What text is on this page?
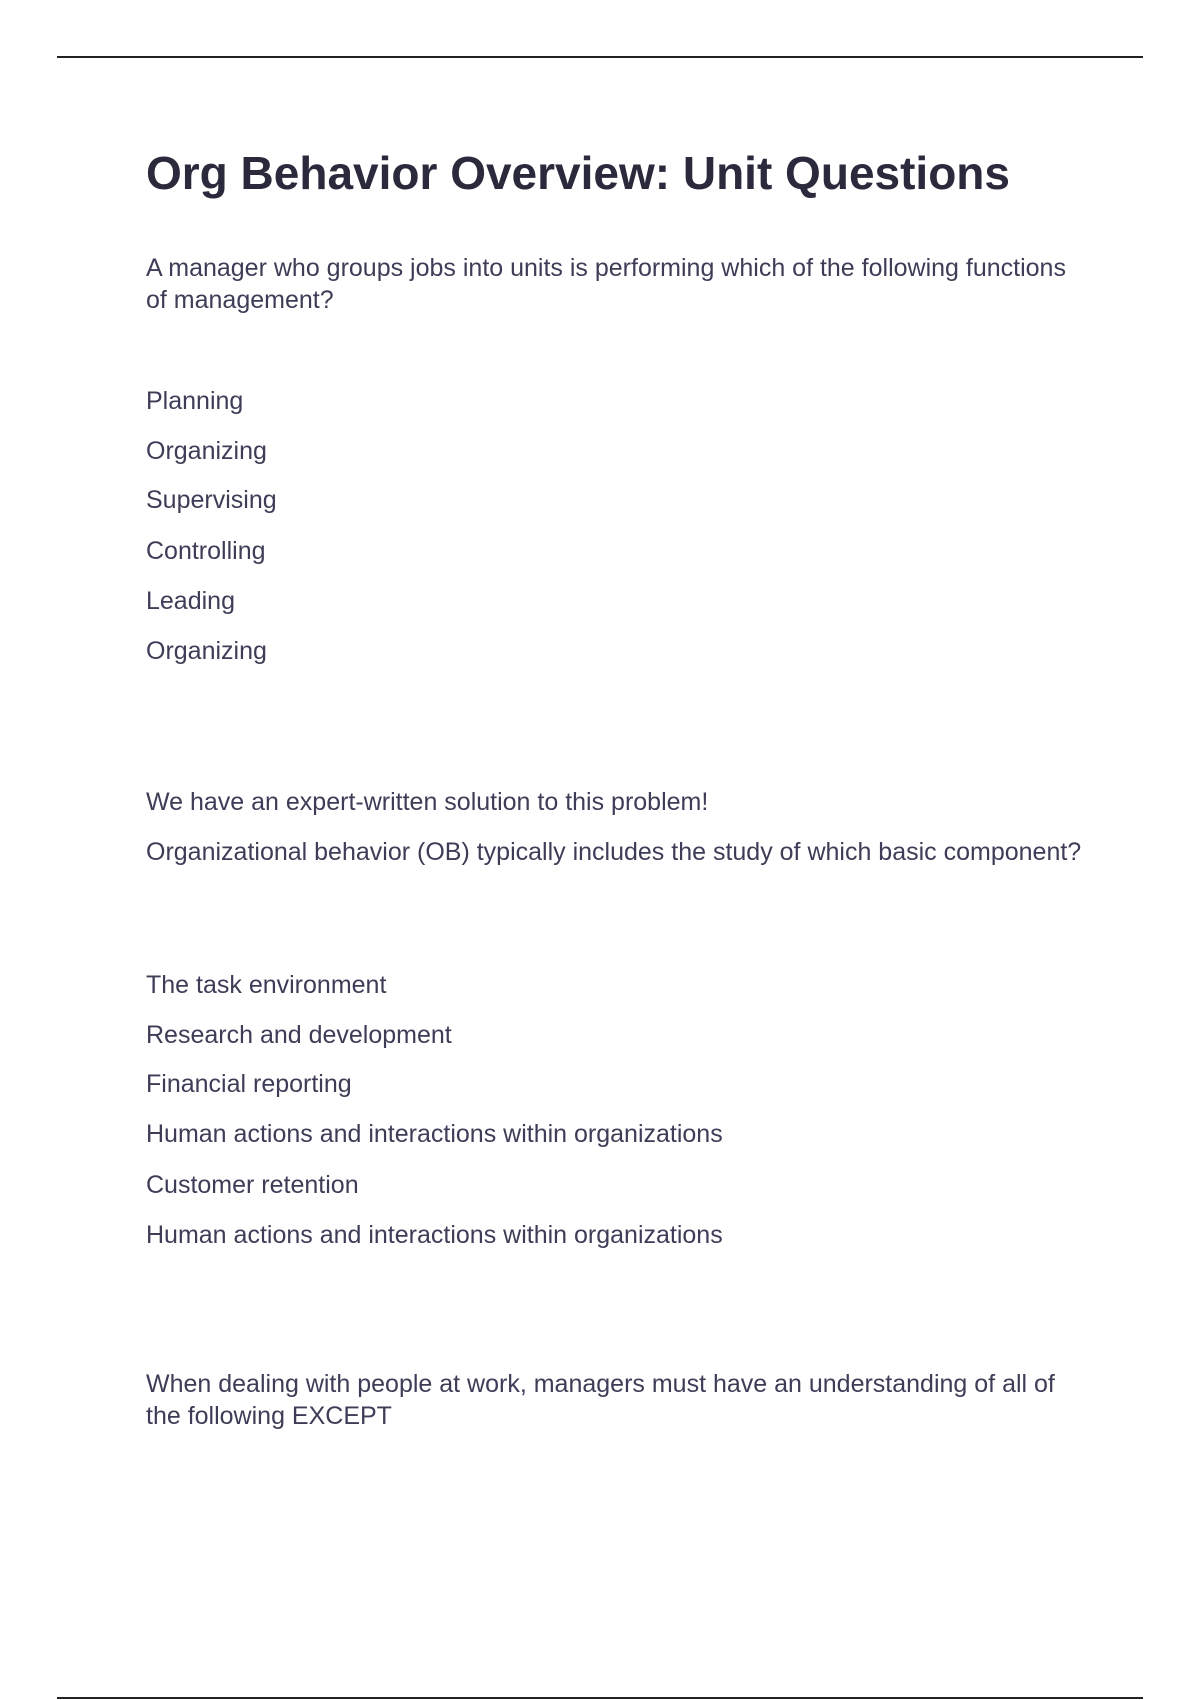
Org Behavior Overview: Unit Questions
A manager who groups jobs into units is performing which of the following functions of management?
Planning
Organizing
Supervising
Controlling
Leading
Organizing
We have an expert-written solution to this problem!
Organizational behavior (OB) typically includes the study of which basic component?
The task environment
Research and development
Financial reporting
Human actions and interactions within organizations
Customer retention
Human actions and interactions within organizations
When dealing with people at work, managers must have an understanding of all of the following EXCEPT
